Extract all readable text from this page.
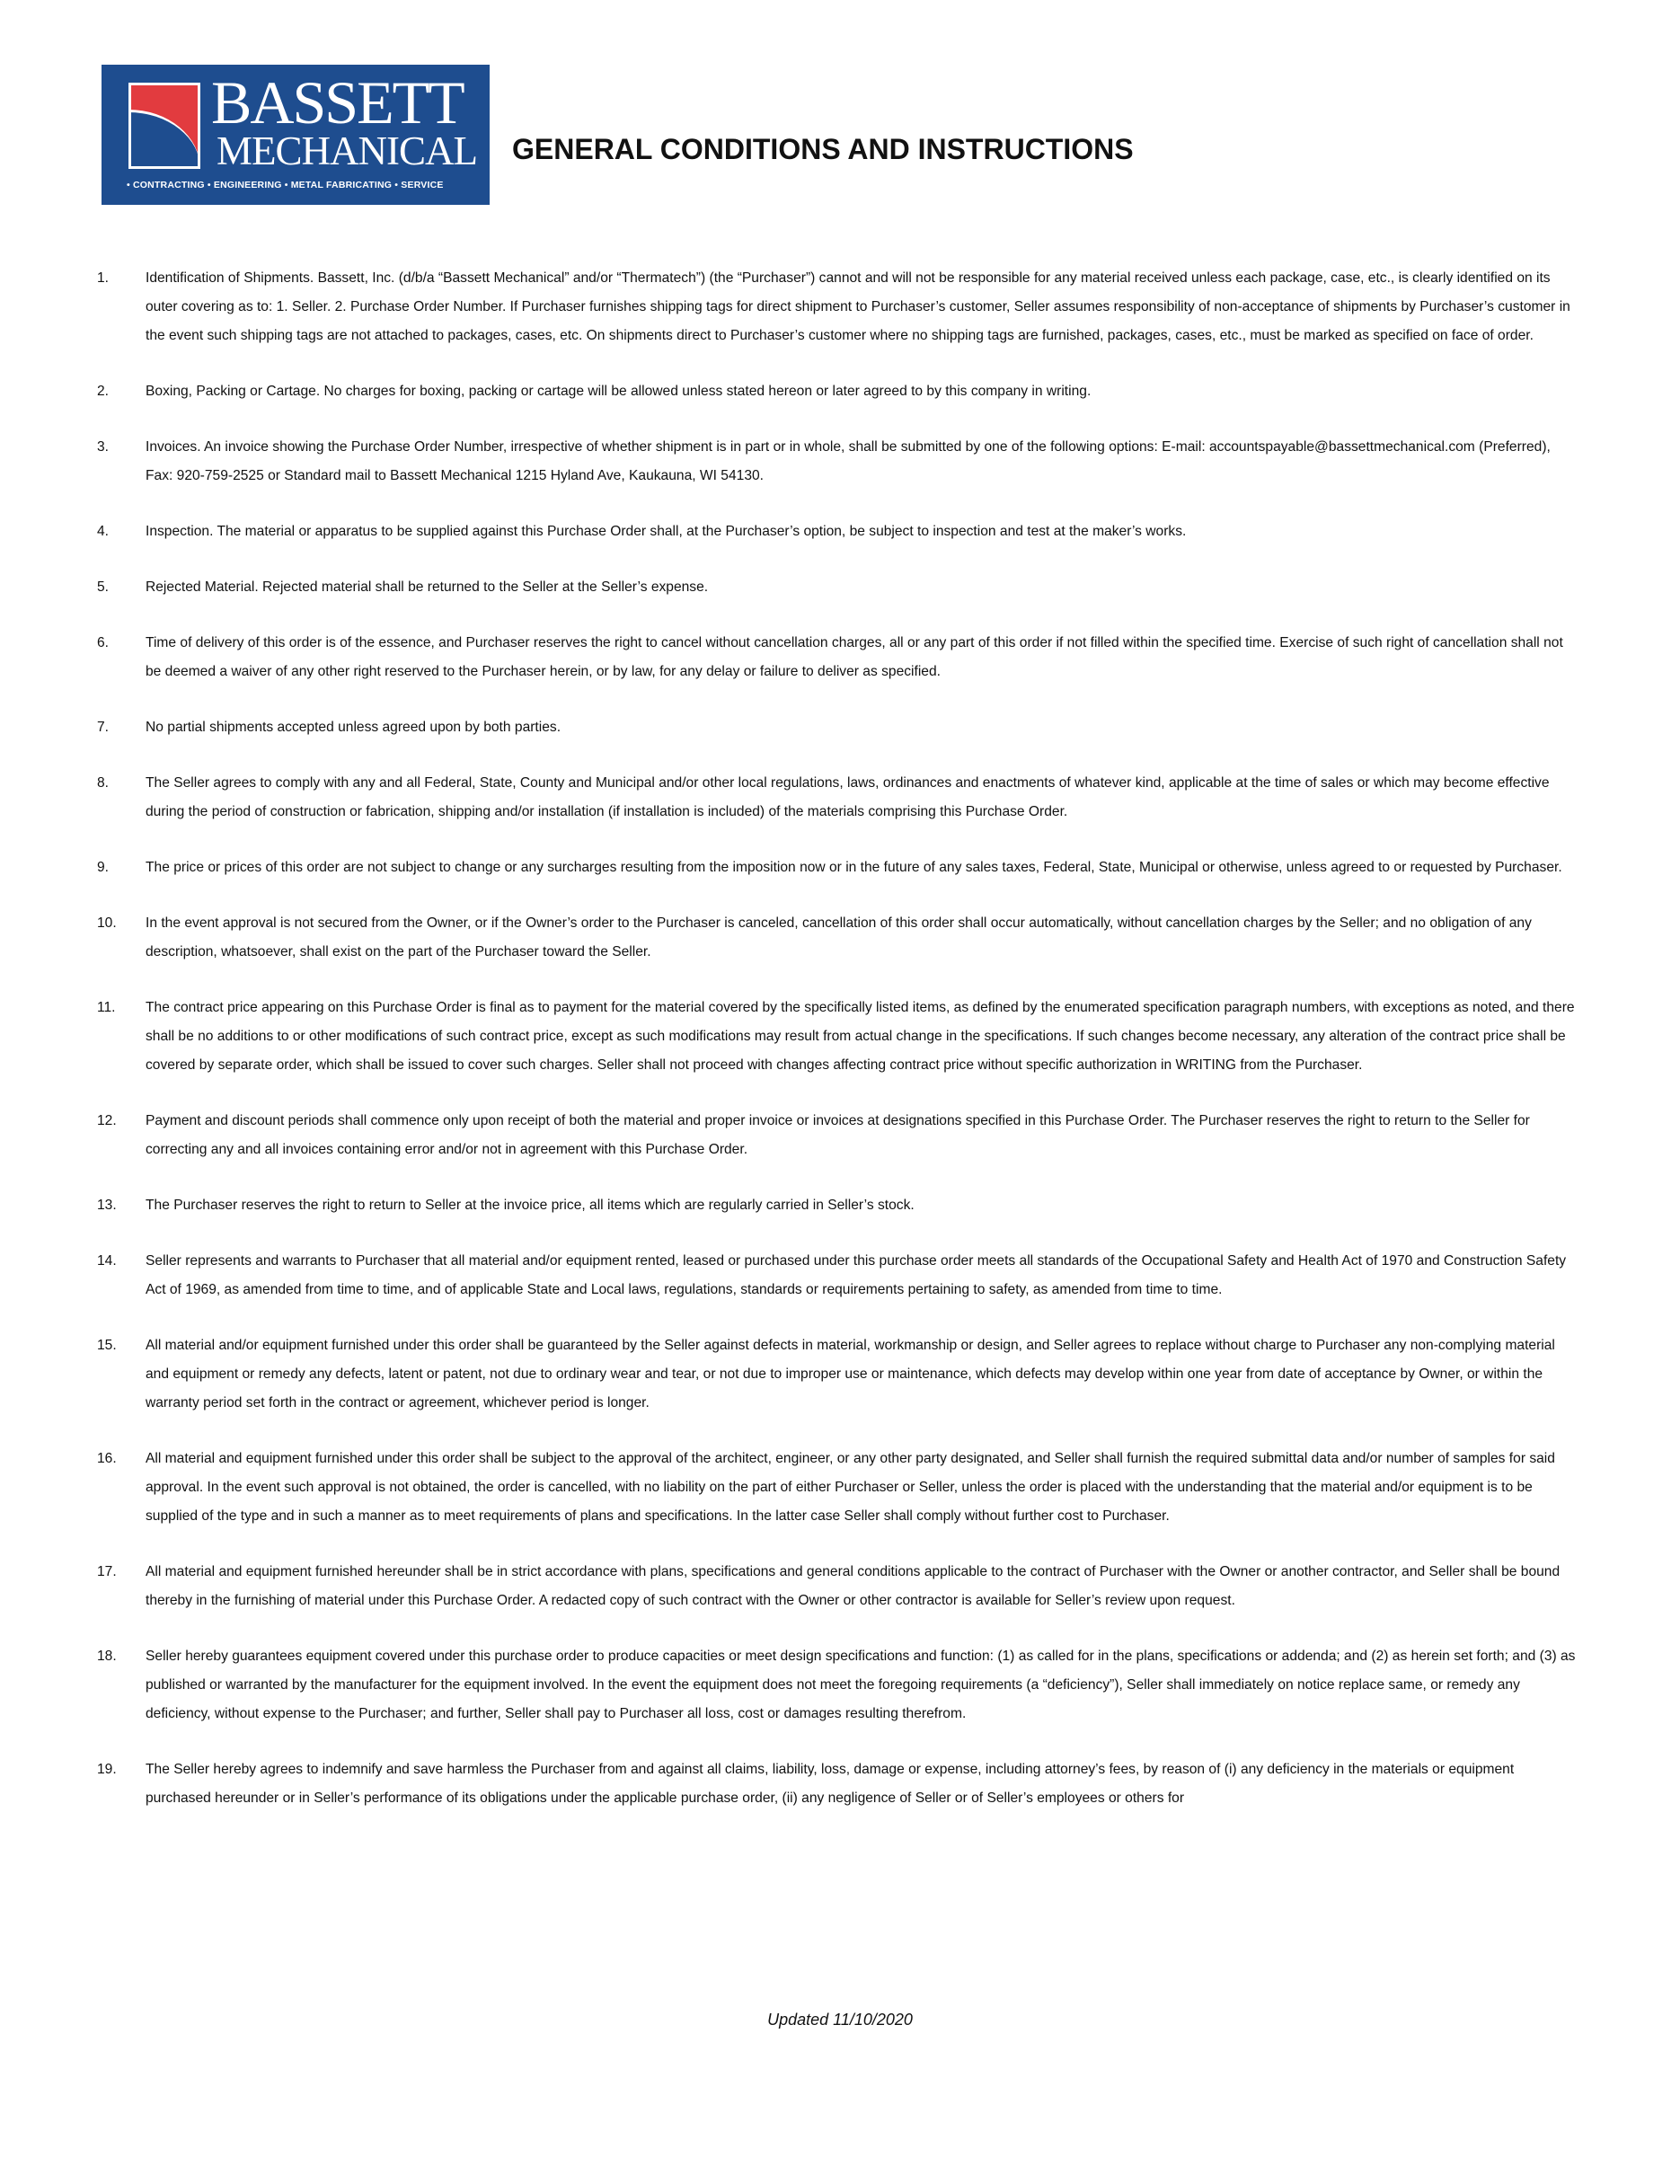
BASSETT
MECHANICAL
• CONTRACTING • ENGINEERING • METAL FABRICATING • SERVICE
GENERAL CONDITIONS AND INSTRUCTIONS
1.	Identification of Shipments. Bassett, Inc. (d/b/a “Bassett Mechanical” and/or “Thermatech”) (the “Purchaser”) cannot and will not be responsible for any material received unless each package, case, etc., is clearly identified on its outer covering as to: 1. Seller. 2. Purchase Order Number. If Purchaser furnishes shipping tags for direct shipment to Purchaser’s customer, Seller assumes responsibility of non-acceptance of shipments by Purchaser’s customer in the event such shipping tags are not attached to packages, cases, etc. On shipments direct to Purchaser’s customer where no shipping tags are furnished, packages, cases, etc., must be marked as specified on face of order.
2.	Boxing, Packing or Cartage. No charges for boxing, packing or cartage will be allowed unless stated hereon or later agreed to by this company in writing.
3.	Invoices. An invoice showing the Purchase Order Number, irrespective of whether shipment is in part or in whole, shall be submitted by one of the following options: E-mail: accountspayable@bassettmechanical.com (Preferred), Fax: 920-759-2525 or Standard mail to Bassett Mechanical 1215 Hyland Ave, Kaukauna, WI 54130.
4.	Inspection. The material or apparatus to be supplied against this Purchase Order shall, at the Purchaser’s option, be subject to inspection and test at the maker’s works.
5.	Rejected Material. Rejected material shall be returned to the Seller at the Seller’s expense.
6.	Time of delivery of this order is of the essence, and Purchaser reserves the right to cancel without cancellation charges, all or any part of this order if not filled within the specified time. Exercise of such right of cancellation shall not be deemed a waiver of any other right reserved to the Purchaser herein, or by law, for any delay or failure to deliver as specified.
7.	No partial shipments accepted unless agreed upon by both parties.
8.	The Seller agrees to comply with any and all Federal, State, County and Municipal and/or other local regulations, laws, ordinances and enactments of whatever kind, applicable at the time of sales or which may become effective during the period of construction or fabrication, shipping and/or installation (if installation is included) of the materials comprising this Purchase Order.
9.	The price or prices of this order are not subject to change or any surcharges resulting from the imposition now or in the future of any sales taxes, Federal, State, Municipal or otherwise, unless agreed to or requested by Purchaser.
10.	In the event approval is not secured from the Owner, or if the Owner’s order to the Purchaser is canceled, cancellation of this order shall occur automatically, without cancellation charges by the Seller; and no obligation of any description, whatsoever, shall exist on the part of the Purchaser toward the Seller.
11.	The contract price appearing on this Purchase Order is final as to payment for the material covered by the specifically listed items, as defined by the enumerated specification paragraph numbers, with exceptions as noted, and there shall be no additions to or other modifications of such contract price, except as such modifications may result from actual change in the specifications. If such changes become necessary, any alteration of the contract price shall be covered by separate order, which shall be issued to cover such charges. Seller shall not proceed with changes affecting contract price without specific authorization in WRITING from the Purchaser.
12.	Payment and discount periods shall commence only upon receipt of both the material and proper invoice or invoices at designations specified in this Purchase Order. The Purchaser reserves the right to return to the Seller for correcting any and all invoices containing error and/or not in agreement with this Purchase Order.
13.	The Purchaser reserves the right to return to Seller at the invoice price, all items which are regularly carried in Seller’s stock.
14.	Seller represents and warrants to Purchaser that all material and/or equipment rented, leased or purchased under this purchase order meets all standards of the Occupational Safety and Health Act of 1970 and Construction Safety Act of 1969, as amended from time to time, and of applicable State and Local laws, regulations, standards or requirements pertaining to safety, as amended from time to time.
15.	All material and/or equipment furnished under this order shall be guaranteed by the Seller against defects in material, workmanship or design, and Seller agrees to replace without charge to Purchaser any non-complying material and equipment or remedy any defects, latent or patent, not due to ordinary wear and tear, or not due to improper use or maintenance, which defects may develop within one year from date of acceptance by Owner, or within the warranty period set forth in the contract or agreement, whichever period is longer.
16.	All material and equipment furnished under this order shall be subject to the approval of the architect, engineer, or any other party designated, and Seller shall furnish the required submittal data and/or number of samples for said approval. In the event such approval is not obtained, the order is cancelled, with no liability on the part of either Purchaser or Seller, unless the order is placed with the understanding that the material and/or equipment is to be supplied of the type and in such a manner as to meet requirements of plans and specifications. In the latter case Seller shall comply without further cost to Purchaser.
17.	All material and equipment furnished hereunder shall be in strict accordance with plans, specifications and general conditions applicable to the contract of Purchaser with the Owner or another contractor, and Seller shall be bound thereby in the furnishing of material under this Purchase Order. A redacted copy of such contract with the Owner or other contractor is available for Seller’s review upon request.
18.	Seller hereby guarantees equipment covered under this purchase order to produce capacities or meet design specifications and function: (1) as called for in the plans, specifications or addenda; and (2) as herein set forth; and (3) as published or warranted by the manufacturer for the equipment involved. In the event the equipment does not meet the foregoing requirements (a “deficiency”), Seller shall immediately on notice replace same, or remedy any deficiency, without expense to the Purchaser; and further, Seller shall pay to Purchaser all loss, cost or damages resulting therefrom.
19.	The Seller hereby agrees to indemnify and save harmless the Purchaser from and against all claims, liability, loss, damage or expense, including attorney’s fees, by reason of (i) any deficiency in the materials or equipment purchased hereunder or in Seller’s performance of its obligations under the applicable purchase order, (ii) any negligence of Seller or of Seller’s employees or others for
Updated 11/10/2020
